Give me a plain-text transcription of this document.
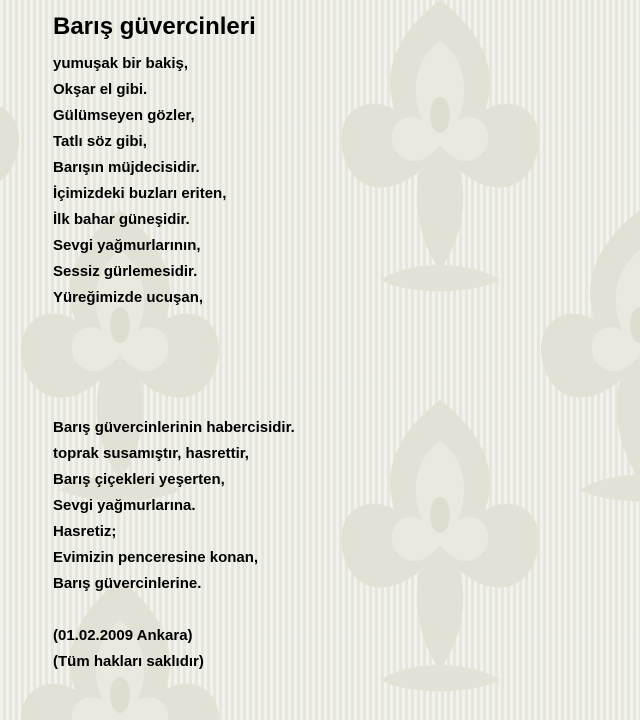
Barış güvercinleri
yumuşak bir bakiş,
Okşar el gibi.
Gülümseyen gözler,
Tatlı söz gibi,
Barışın müjdecisidir.
İçimizdeki buzları eriten,
İlk bahar güneşidir.
Sevgi yağmurlarının,
Sessiz gürlemesidir.
Yüreğimizde ucuşan,
Barış güvercinlerinin habercisidir.
toprak susamıştır, hasrettir,
Barış çiçekleri yeşerten,
Sevgi yağmurlarına.
Hasretiz;
Evimizin penceresine konan,
Barış güvercinlerine.
(01.02.2009 Ankara)
(Tüm hakları saklıdır)
